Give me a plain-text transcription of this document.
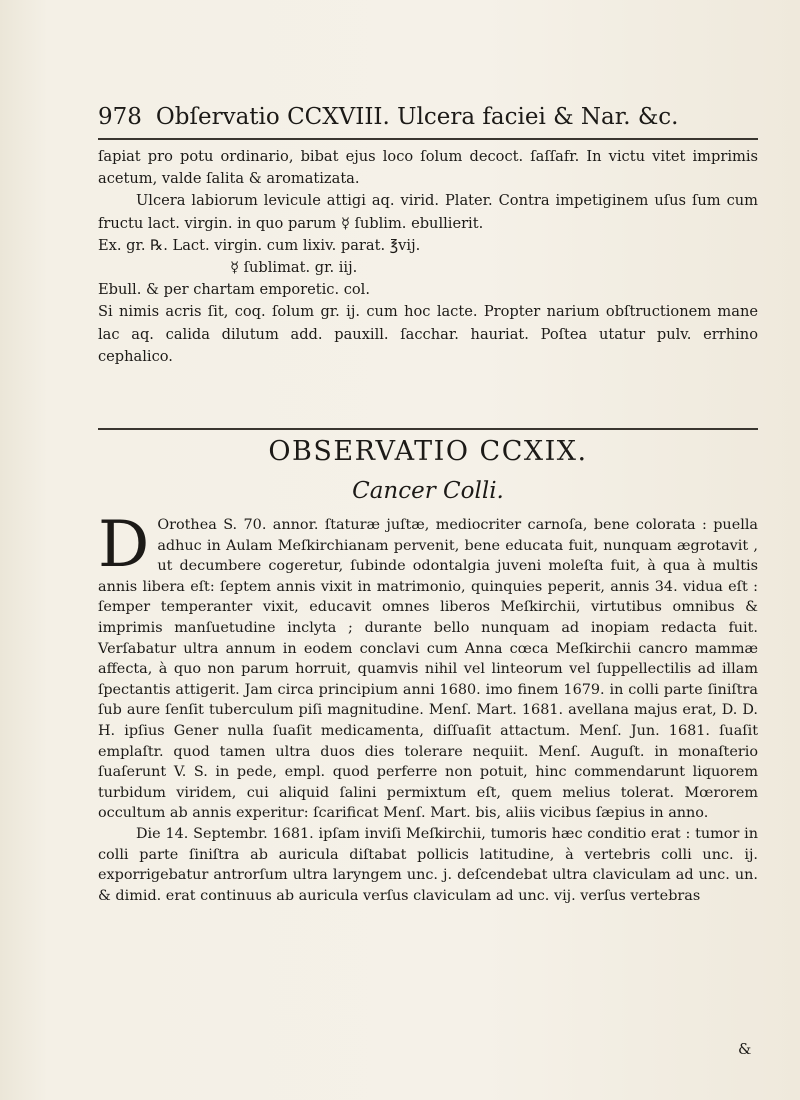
978 Obſervatio CCXVIII. Ulcera faciei & Nar. &c.

ſapiat pro potu ordinario, bibat ejus loco ſolum decoct. ſaſſafr. In victu vitet imprimis acetum, valde ſalita & aromatizata.

Ulcera labiorum levicule attigi aq. virid. Plater. Contra impetiginem uſus ſum cum fructu lact. virgin. in quo parum ☿ ſublim. ebullierit.

Ex. gr. ℞. Lact. virgin. cum lixiv. parat. ℥vij.

☿ ſublimat. gr. iij.

Ebull. & per chartam emporetic. col.

Si nimis acris ſit, coq. ſolum gr. ij. cum hoc lacte. Propter narium obſtructionem mane lac aq. calida dilutum add. pauxill. ſacchar. hauriat. Poſtea utatur pulv. errhino cephalico.

OBSERVATIO CCXIX.
Cancer Colli.

D Orothea S. 70. annor. ſtaturæ juſtæ, mediocriter carnoſa, bene colorata : puella adhuc in Aulam Meſkirchianam pervenit, bene educata fuit, nunquam ægrotavit , ut decumbere cogeretur, ſubinde odontalgia juveni moleſta fuit, à qua à multis annis libera eſt: ſeptem annis vixit in matrimonio, quinquies peperit, annis 34. vidua eſt : ſemper temperanter vixit, educavit omnes liberos Meſkirchii, virtutibus omnibus & imprimis manſuetudine inclyta ; durante bello nunquam ad inopiam redacta fuit. Verſabatur ultra annum in eodem conclavi cum Anna cœca Meſkirchii cancro mammæ affecta, à quo non parum horruit, quamvis nihil vel linteorum vel ſuppellectilis ad illam ſpectantis attigerit. Jam circa principium anni 1680. imo finem 1679. in colli parte ſiniſtra ſub aure ſenſit tuberculum piſi magnitudine. Menſ. Mart. 1681. avellana majus erat, D. D. H. ipſius Gener nulla ſuaſit medicamenta, diſſuaſit attactum. Menſ. Jun. 1681. ſuaſit emplaſtr. quod tamen ultra duos dies tolerare nequiit. Menſ. Auguſt. in monaſterio ſuaſerunt V. S. in pede, empl. quod perferre non potuit, hinc commendarunt liquorem turbidum viridem, cui aliquid ſalini permixtum eſt, quem melius tolerat. Mœrorem occultum ab annis experitur: ſcarificat Menſ. Mart. bis, aliis vicibus ſæpius in anno.

Die 14. Septembr. 1681. ipſam inviſi Meſkirchii, tumoris hæc conditio erat : tumor in colli parte ſiniſtra ab auricula diſtabat pollicis latitudine, à vertebris colli unc. ij. exporrigebatur antrorſum ultra laryngem unc. j. deſcendebat ultra claviculam ad unc. un. & dimid. erat continuus ab auricula verſus claviculam ad unc. vij. verſus vertebras

&
